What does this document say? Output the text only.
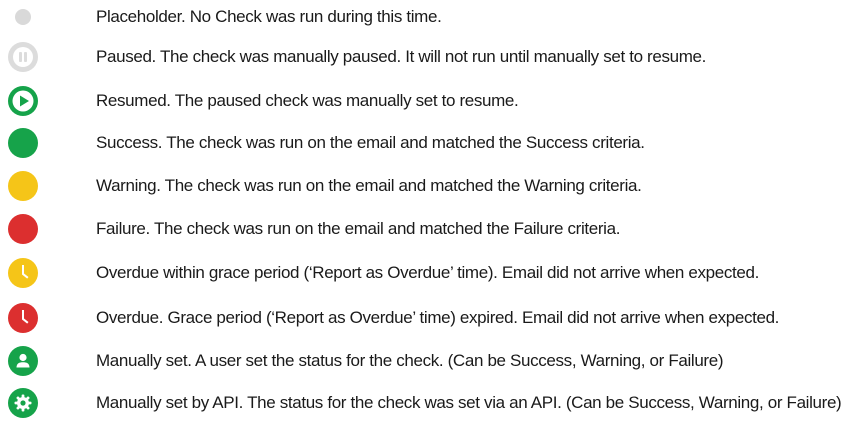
Placeholder. No Check was run during this time.
Paused. The check was manually paused. It will not run until manually set to resume.
Resumed. The paused check was manually set to resume.
Success. The check was run on the email and matched the Success criteria.
Warning. The check was run on the email and matched the Warning criteria.
Failure. The check was run on the email and matched the Failure criteria.
Overdue within grace period (‘Report as Overdue’ time). Email did not arrive when expected.
Overdue. Grace period (‘Report as Overdue’ time) expired. Email did not arrive when expected.
Manually set. A user set the status for the check. (Can be Success, Warning, or Failure)
Manually set by API. The status for the check was set via an API. (Can be Success, Warning, or Failure)
